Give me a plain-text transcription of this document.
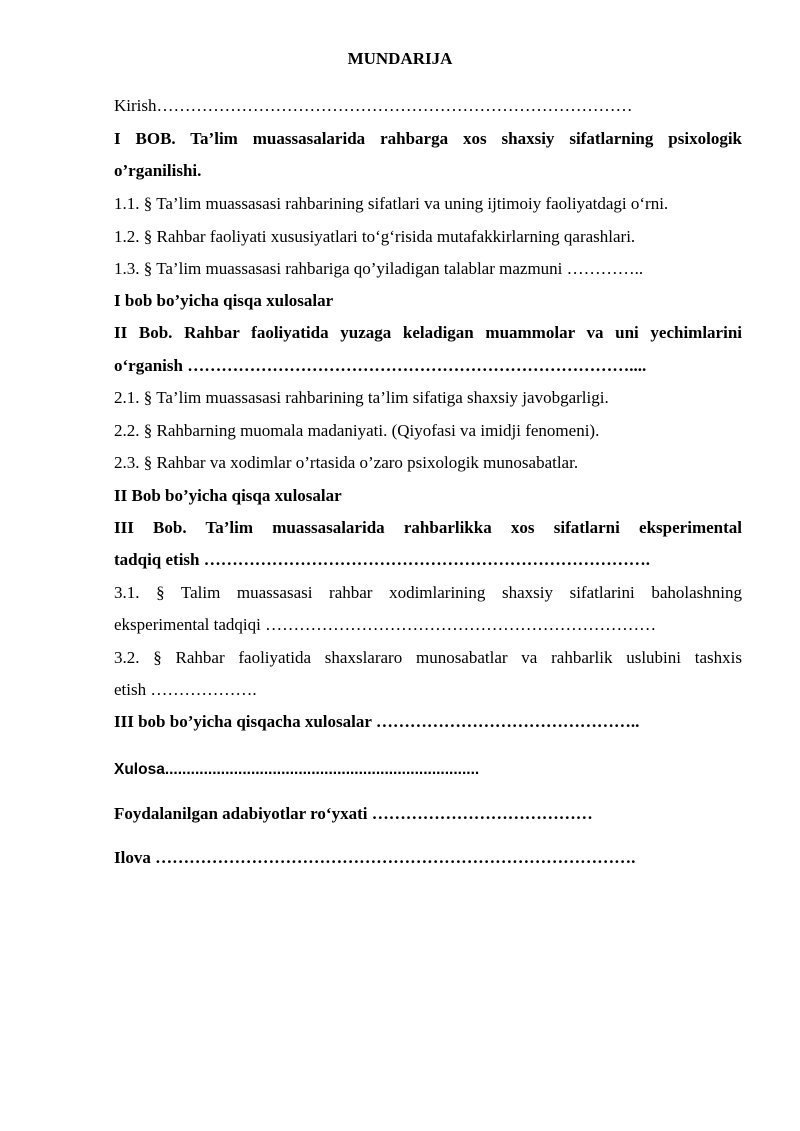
MUNDARIJA
Kirish…………………………………………………………………………
I BOB. Ta’lim muassasalarida rahbarga xos shaxsiy sifatlarning psixologik
o’rganilishi.
1.1. § Ta’lim muassasasi rahbarining sifatlari va uning ijtimoiy faoliyatdagi o‘rni.
1.2. § Rahbar faoliyati xususiyatlari to‘g‘risida mutafakkirlarning qarashlari.
1.3. § Ta’lim muassasasi rahbariga qo’yiladigan talablar mazmuni …………..
I bob bo’yicha qisqa xulosalar
II Bob. Rahbar faoliyatida yuzaga keladigan muammolar va uni yechimlarini
o‘rganish ……………………………………………………………………....
2.1. § Ta’lim muassasasi rahbarining ta’lim sifatiga shaxsiy javobgarligi.
2.2. § Rahbarning muomala madaniyati. (Qiyofasi va imidji fenomeni).
2.3. § Rahbar va xodimlar o’rtasida o’zaro psixologik munosabatlar.
II Bob bo’yicha qisqa xulosalar
III Bob. Ta’lim muassasalarida rahbarlikka xos sifatlarni eksperimental
tadqiq etish …………………………………………………………………….
3.1. § Talim muassasasi rahbar xodimlarining shaxsiy sifatlarini baholashning
eksperimental tadqiqi ……………………………………………………………
3.2. § Rahbar faoliyatida shaxslararo munosabatlar va rahbarlik uslubini tashxis
etish ……………….
III bob bo’yicha qisqacha xulosalar ………………………………………..
Xulosa.........................................................................
Foydalanilgan adabiyotlar ro‘yxati …………………………………
Ilova ………………………………………………………………………….
